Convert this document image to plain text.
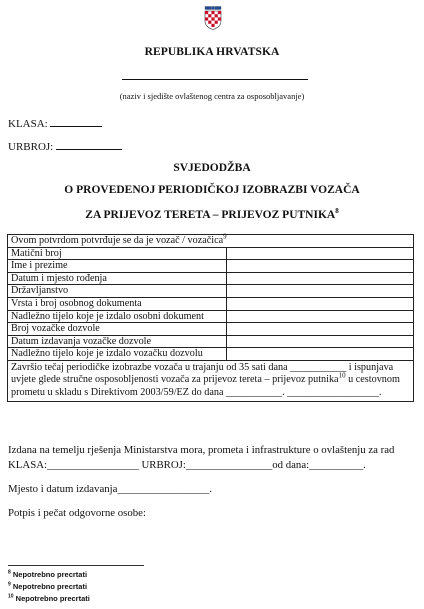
REPUBLIKA HRVATSKA
(naziv i sjedište ovlaštenog centra za osposobljavanje)
KLASA:
URBROJ:
SVJEDODŽBA
O PROVEDENOJ PERIODIČKOJ IZOBRAZBI VOZAČA
ZA PRIJEVOZ TERETA – PRIJEVOZ PUTNIKA$^8$
Ovom potvrdom potvrđuje se da je vozač / vozačica$^9$
Matični broj	
Ime i prezime	
Datum i mjesto rođenja	
Državljanstvo	
Vrsta i broj osobnog dokumenta	
Nadležno tijelo koje je izdalo osobni dokument	
Broj vozačke dozvole	
Datum izdavanja vozačke dozvole	
Nadležno tijelo koje je izdalo vozačku dozvolu	
Završio tečaj periodičke izobrazbe vozača u trajanju od 35 sati dana ___________ i ispunjava uvjete glede stručne osposobljenosti vozača za prijevoz tereta – prijevoz putnika$^{10}$ u cestovnom prometu u skladu s Direktivom 2003/59/EZ do dana ___________. __________________.	
Izdana na temelju rješenja Ministarstva mora, prometa i infrastrukture o ovlaštenju za rad
KLASA:_________________ URBROJ:________________od dana:__________.
Mjesto i datum izdavanja_________________.
Potpis i pečat odgovorne osobe:
$^8$ Nepotrebno precrtati
$^9$ Nepotrebno precrtati
$^{10}$ Nepotrebno precrtati
